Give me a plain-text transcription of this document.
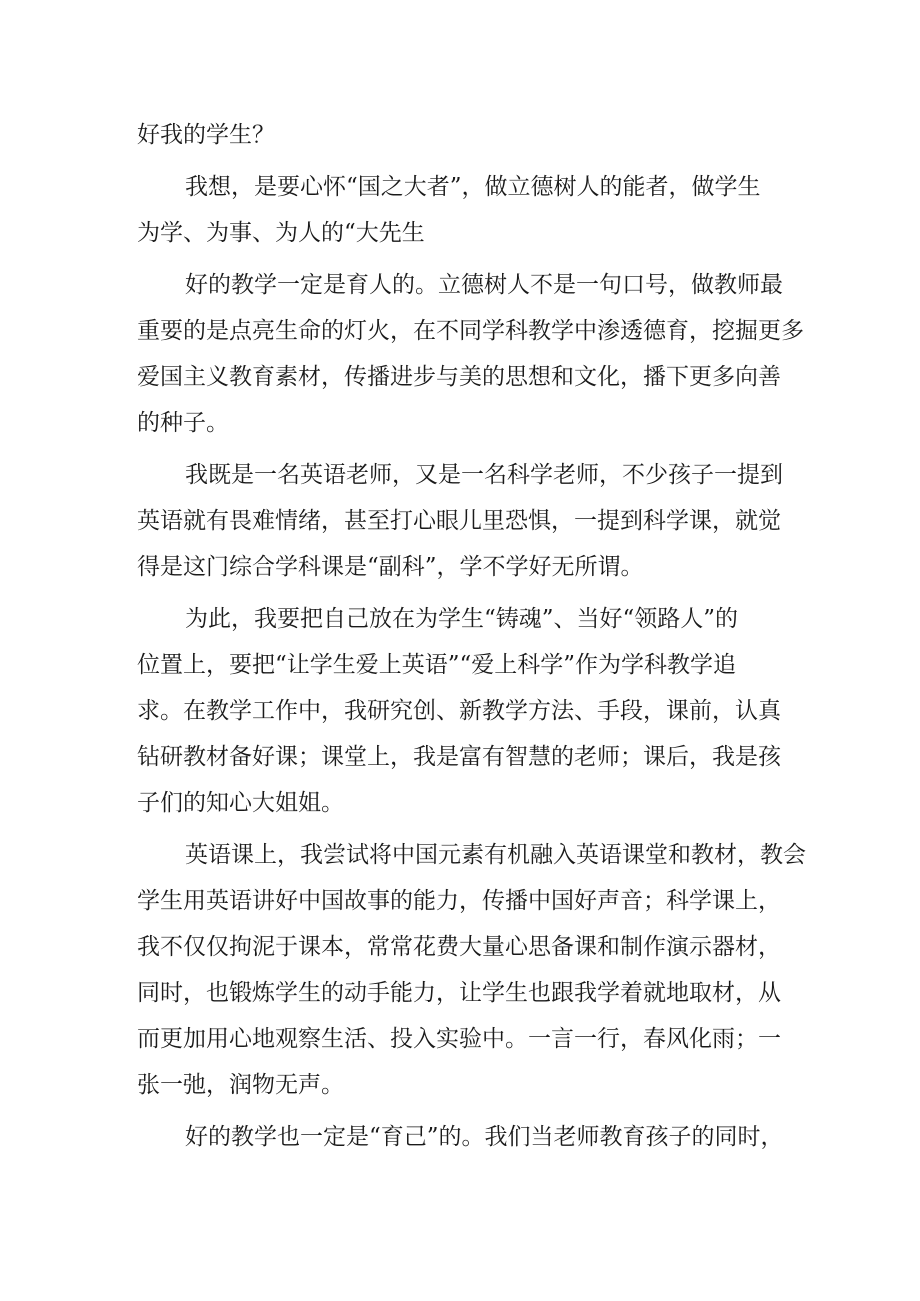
好我的学生？
我想，是要心怀“国之大者”，做立德树人的能者，做学生
为学、为事、为人的“大先生
好的教学一定是育人的。立德树人不是一句口号，做教师最
重要的是点亮生命的灯火，在不同学科教学中渗透德育，挖掘更多
爱国主义教育素材，传播进步与美的思想和文化，播下更多向善
的种子。
我既是一名英语老师，又是一名科学老师，不少孩子一提到
英语就有畏难情绪，甚至打心眼儿里恐惧，一提到科学课，就觉
得是这门综合学科课是“副科”，学不学好无所谓。
为此，我要把自己放在为学生“铸魂”、当好“领路人”的
位置上，要把“让学生爱上英语”“爱上科学”作为学科教学追
求。在教学工作中，我研究创、新教学方法、手段，课前，认真
钻研教材备好课；课堂上，我是富有智慧的老师；课后，我是孩
子们的知心大姐姐。
英语课上，我尝试将中国元素有机融入英语课堂和教材，教会
学生用英语讲好中国故事的能力，传播中国好声音；科学课上，
我不仅仅拘泥于课本，常常花费大量心思备课和制作演示器材，
同时，也锻炼学生的动手能力，让学生也跟我学着就地取材，从
而更加用心地观察生活、投入实验中。一言一行，春风化雨；一
张一弛，润物无声。
好的教学也一定是“育己”的。我们当老师教育孩子的同时，
